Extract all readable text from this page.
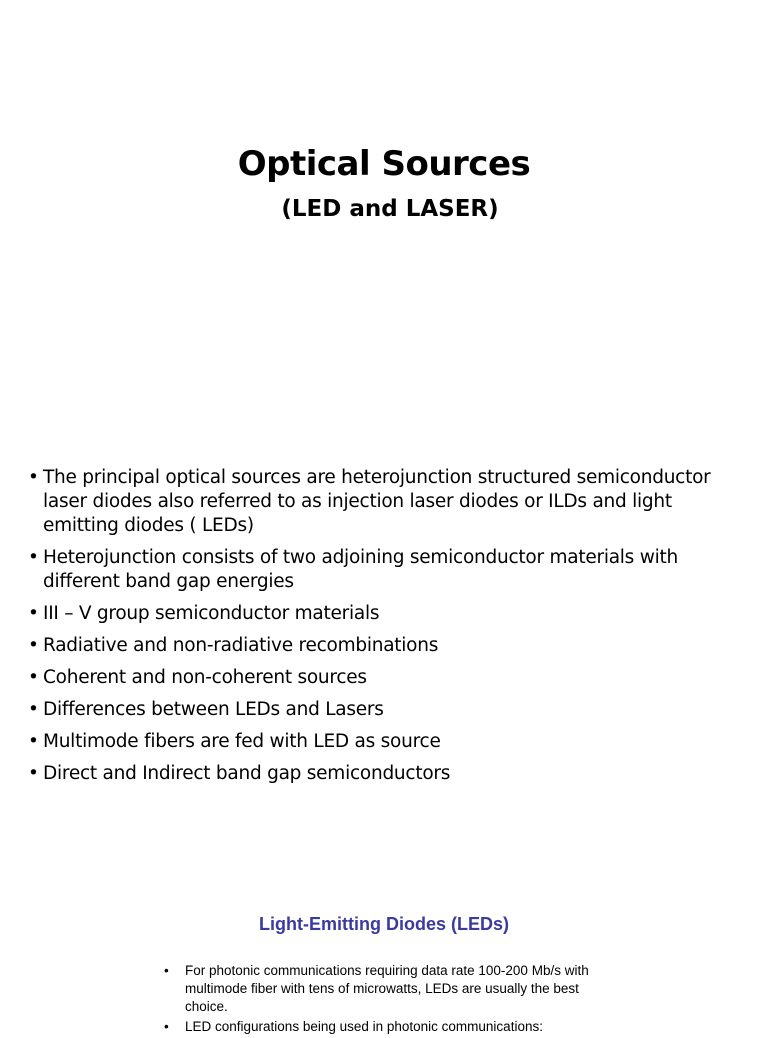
Optical Sources
(LED and LASER)
• The principal optical sources are heterojunction structured semiconductor laser diodes also referred to as injection laser diodes or ILDs and light emitting diodes ( LEDs)
• Heterojunction consists of two adjoining semiconductor materials with different band gap energies
• III – V group semiconductor materials
• Radiative and non-radiative recombinations
• Coherent and non-coherent sources
• Differences between LEDs and Lasers
• Multimode fibers are fed with LED as source
• Direct and Indirect band gap semiconductors
Light-Emitting Diodes (LEDs)
• For photonic communications requiring data rate 100-200 Mb/s with multimode fiber with tens of microwatts, LEDs are usually the best choice.
• LED configurations being used in photonic communications:
